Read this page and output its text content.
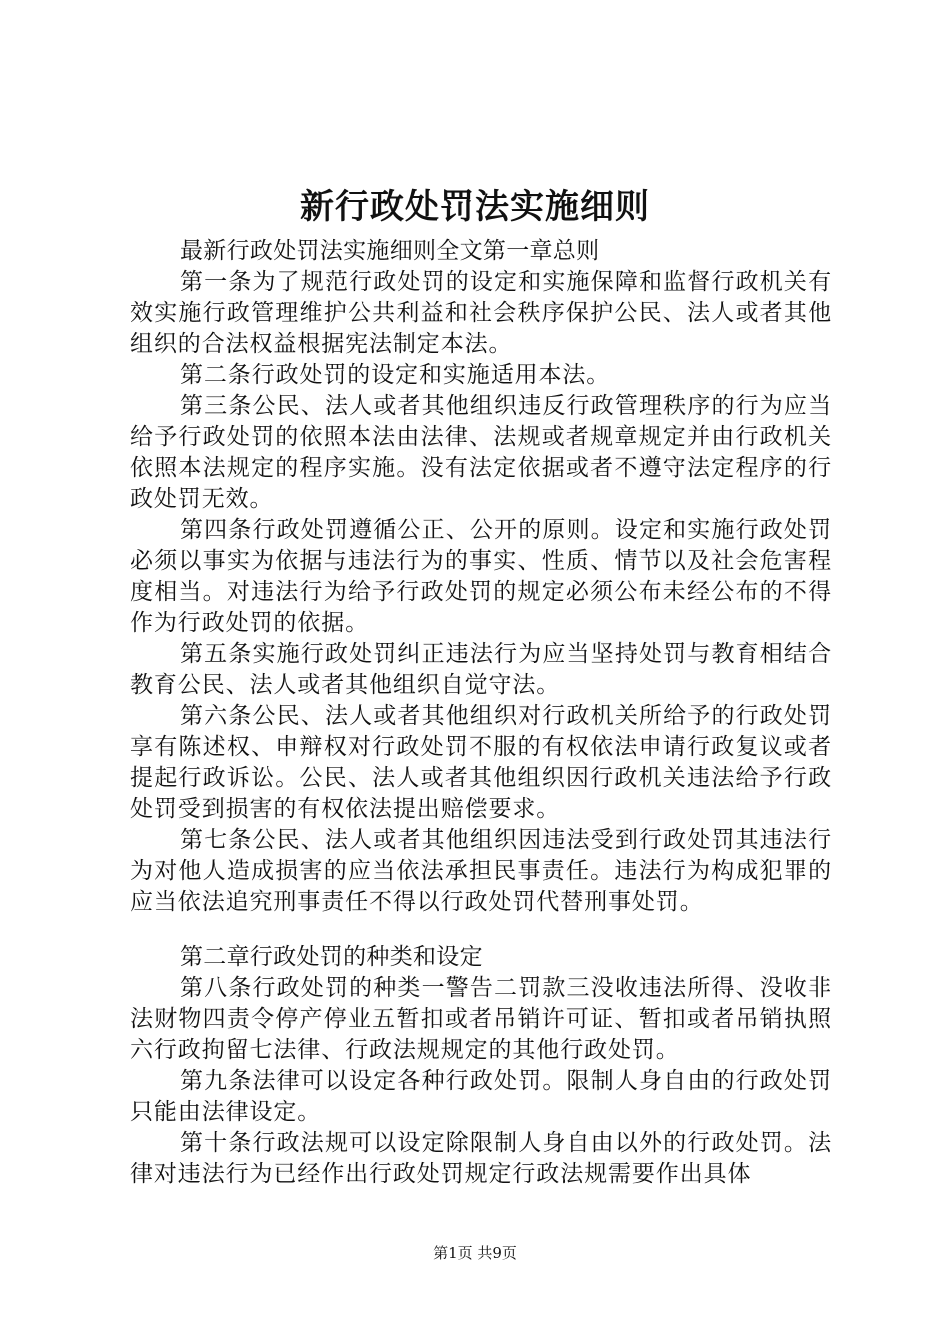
新行政处罚法实施细则

最新行政处罚法实施细则全文第一章总则

第一条为了规范行政处罚的设定和实施保障和监督行政机关有效实施行政管理维护公共利益和社会秩序保护公民、法人或者其他组织的合法权益根据宪法制定本法。

第二条行政处罚的设定和实施适用本法。

第三条公民、法人或者其他组织违反行政管理秩序的行为应当给予行政处罚的依照本法由法律、法规或者规章规定并由行政机关依照本法规定的程序实施。没有法定依据或者不遵守法定程序的行政处罚无效。

第四条行政处罚遵循公正、公开的原则。设定和实施行政处罚必须以事实为依据与违法行为的事实、性质、情节以及社会危害程度相当。对违法行为给予行政处罚的规定必须公布未经公布的不得作为行政处罚的依据。

第五条实施行政处罚纠正违法行为应当坚持处罚与教育相结合教育公民、法人或者其他组织自觉守法。

第六条公民、法人或者其他组织对行政机关所给予的行政处罚享有陈述权、申辩权对行政处罚不服的有权依法申请行政复议或者提起行政诉讼。公民、法人或者其他组织因行政机关违法给予行政处罚受到损害的有权依法提出赔偿要求。

第七条公民、法人或者其他组织因违法受到行政处罚其违法行为对他人造成损害的应当依法承担民事责任。违法行为构成犯罪的应当依法追究刑事责任不得以行政处罚代替刑事处罚。

第二章行政处罚的种类和设定

第八条行政处罚的种类一警告二罚款三没收违法所得、没收非法财物四责令停产停业五暂扣或者吊销许可证、暂扣或者吊销执照六行政拘留七法律、行政法规规定的其他行政处罚。

第九条法律可以设定各种行政处罚。限制人身自由的行政处罚只能由法律设定。

第十条行政法规可以设定除限制人身自由以外的行政处罚。法律对违法行为已经作出行政处罚规定行政法规需要作出具体

第1页 共9页
